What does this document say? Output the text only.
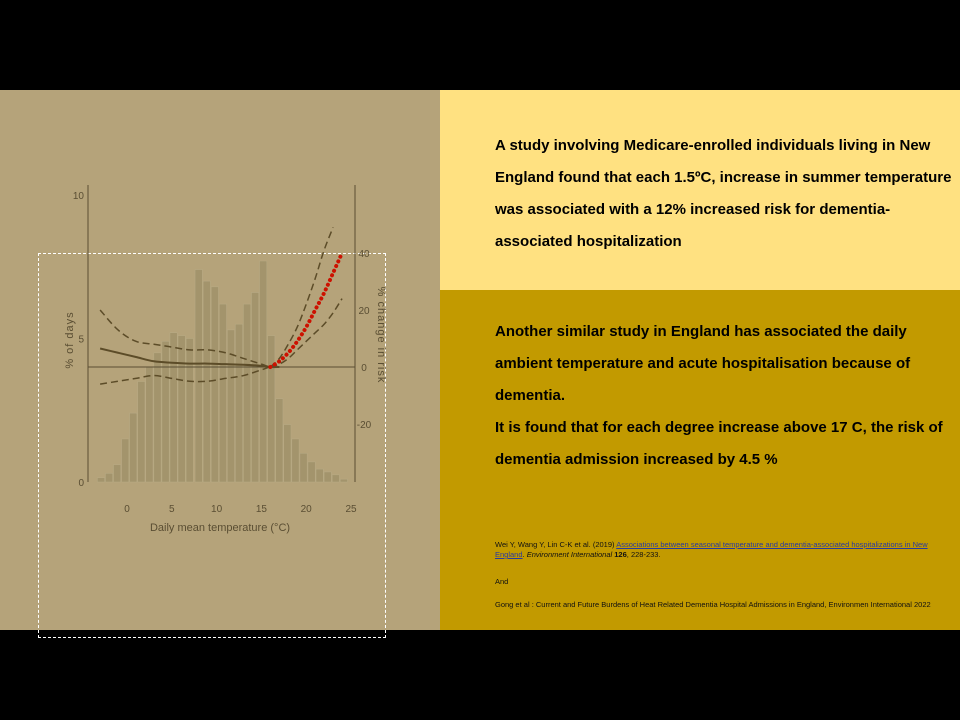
0	5	10	15	20	25
0
5
10
-20
0
20
40
Daily mean temperature (°C)
% of days	% change in risk
A study involving Medicare-enrolled individuals living in New England found that each 1.5ºC, increase in summer temperature was associated with a 12% increased risk for dementia-associated hospitalization
Another similar study in England has associated the daily ambient temperature and acute hospitalisation because of dementia.
It is found that for each degree increase above 17 C, the risk of dementia admission increased by 4.5 %
Wei Y, Wang Y, Lin C-K et al. (2019) Associations between seasonal temperature and dementia-associated hospitalizations in New England. Environment International 126, 228-233.
And
Gong et al : Current and Future Burdens of Heat Related Dementia Hospital Admissions in England, Environmen International 2022
